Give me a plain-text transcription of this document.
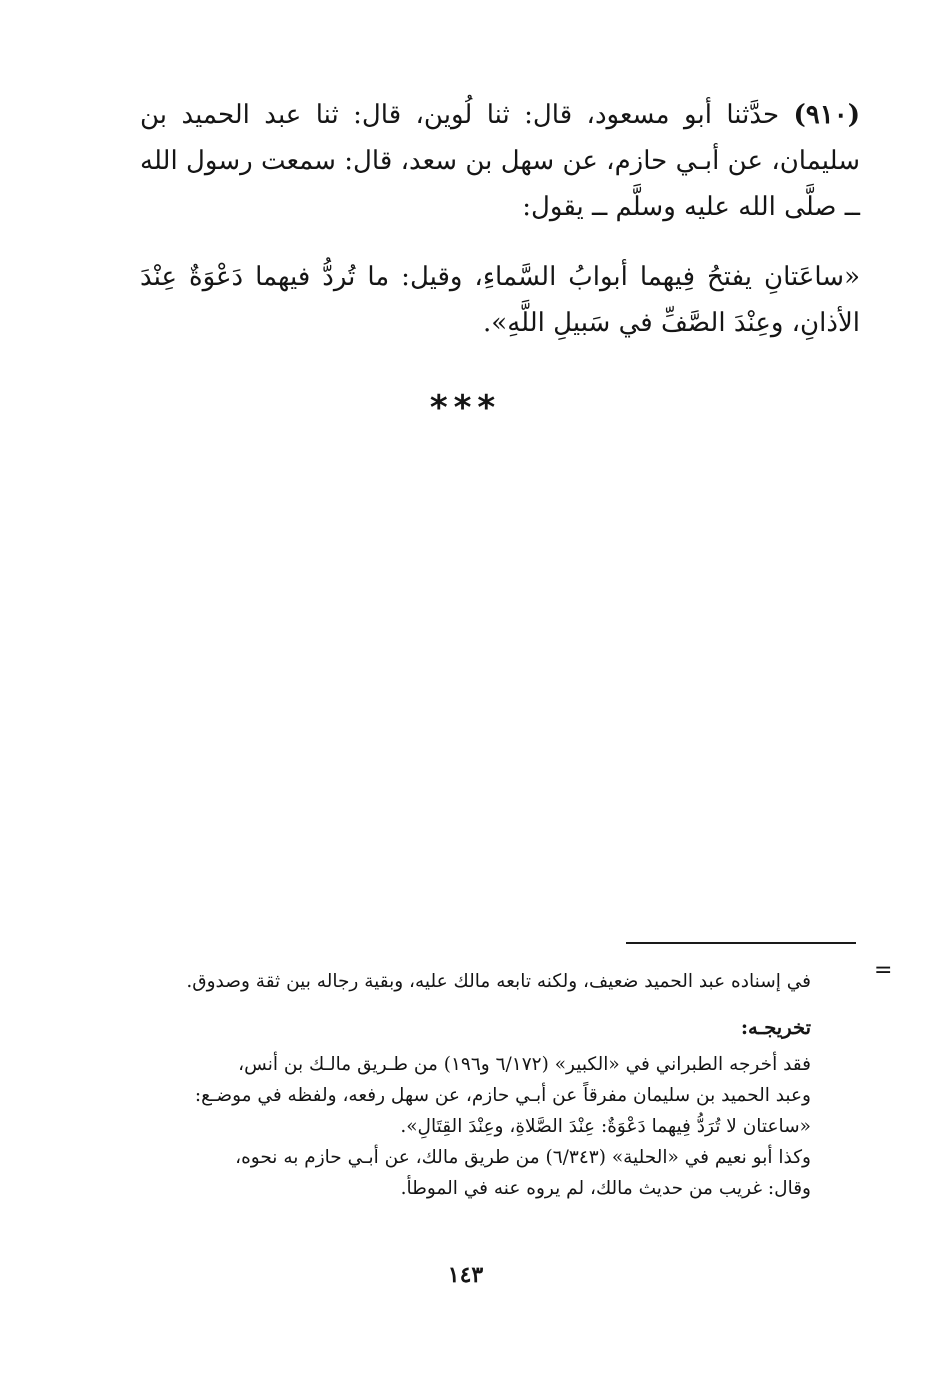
(٩١٠) حدَّثنا أبو مسعود، قال: ثنا لُوين، قال: ثنا عبد الحميد بن سليمان، عن أبـي حازم، عن سهل بن سعد، قال: سمعت رسول الله ــ صلَّى الله عليه وسلَّم ــ يقول:
«ساعَتانِ يفتحُ فِيهما أبوابُ السَّماءِ، وقيل: ما تُردُّ فيهما دَعْوَةٌ عِنْدَ الأذانِ، وعِنْدَ الصَّفِّ في سَبيلِ اللَّهِ».
***
=
في إسناده عبد الحميد ضعيف، ولكنه تابعه مالك عليه، وبقية رجاله بين ثقة وصدوق.
تخريجـه:
فقد أخرجه الطبراني في «الكبير» (٦/١٧٢ و١٩٦) من طـريق مالـك بن أنس،
وعبد الحميد بن سليمان مفرقاً عن أبـي حازم، عن سهل رفعه، ولفظه في موضـع:
«ساعتان لا تُرَدُّ فِيهما دَعْوَةٌ: عِنْدَ الصَّلاةِ، وعِنْدَ القِتَالِ».
وكذا أبو نعيم في «الحلية» (٦/٣٤٣) من طريق مالك، عن أبـي حازم به نحوه،
وقال: غريب من حديث مالك، لم يروه عنه في الموطأ.
١٤٣
